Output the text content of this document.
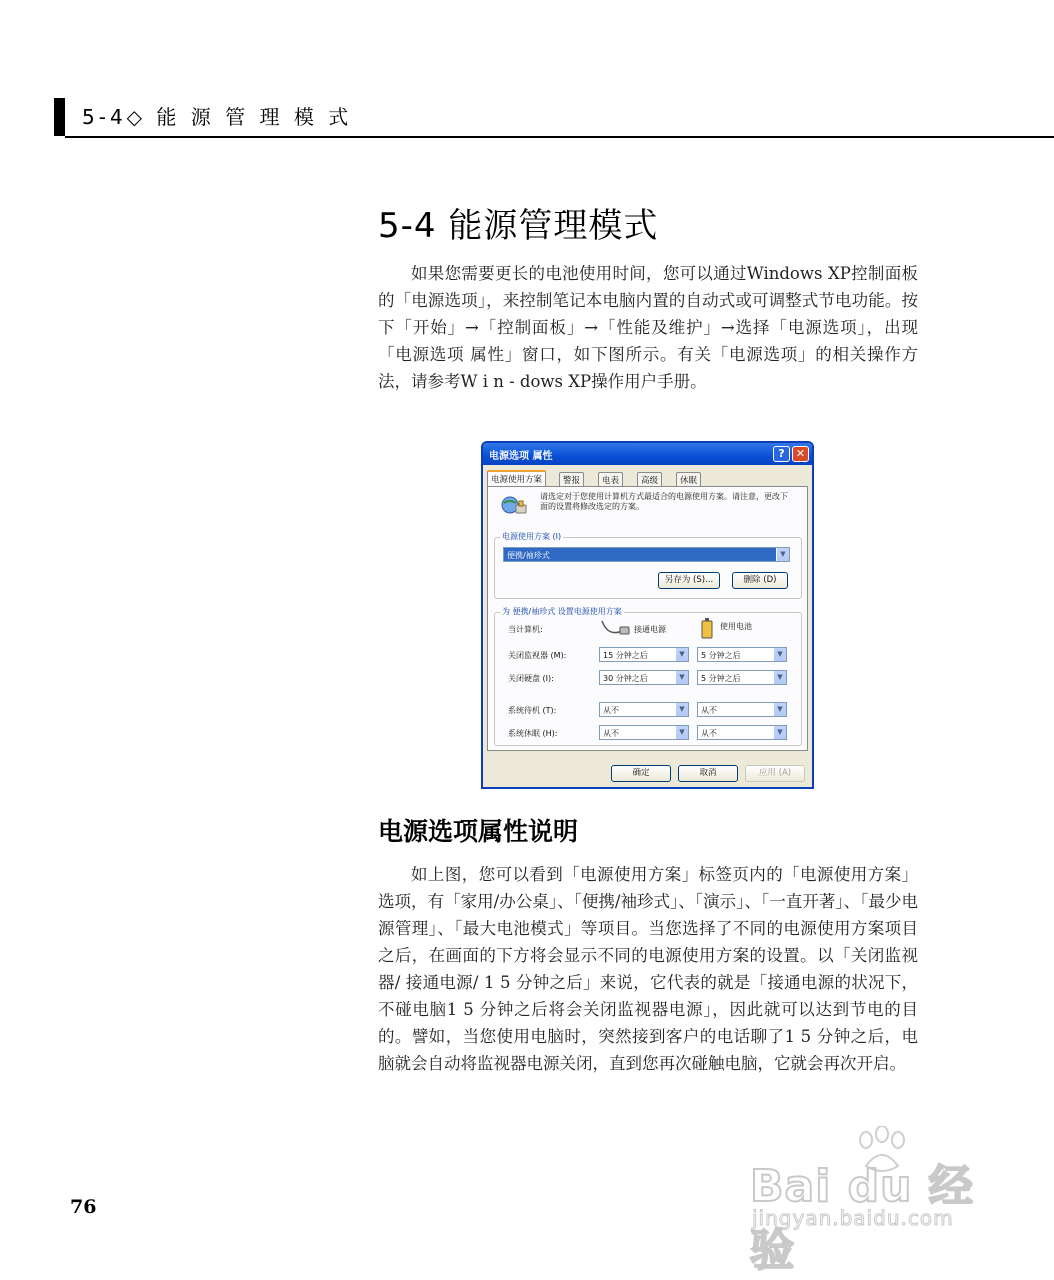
5-4◇ 能 源 管 理 模 式
5-4 能源管理模式

如果您需要更长的电池使用时间，您可以通过Windows XP控制面板的「电源选项」，来控制笔记本电脑内置的自动式或可调整式节电功能。按下「开始」→「控制面板」→「性能及维护」→选择「电源选项」，出现「电源选项 属性」窗口，如下图所示。有关「电源选项」的相关操作方法，请参考W i n - dows XP操作用户手册。

电源选项 属性	?	✕
电源使用方案	警报	电表	高级	休眠
请选定对于您使用计算机方式最适合的电源使用方案。请注意，更改下面的设置将修改选定的方案。
电源使用方案 (I)
便携/袖珍式	▼
另存为 (S)...	删除 (D)
为 便携/袖珍式 设置电源使用方案
当计算机:	接通电源	使用电池
关闭监视器 (M):	15 分钟之后	▼	5 分钟之后	▼
关闭硬盘 (I):	30 分钟之后	▼	5 分钟之后	▼
系统待机 (T):	从不	▼	从不	▼
系统休眠 (H):	从不	▼	从不	▼
确定	取消	应用 (A)
电源选项属性说明

如上图，您可以看到「电源使用方案」标签页内的「电源使用方案」选项，有「家用/办公桌」、「便携/袖珍式」、「演示」、「一直开著」、「最少电源管理」、「最大电池模式」等项目。当您选择了不同的电源使用方案项目之后，在画面的下方将会显示不同的电源使用方案的设置。以「关闭监视器/ 接通电源/ 1 5 分钟之后」来说，它代表的就是「接通电源的状况下，不碰电脑1 5 分钟之后将会关闭监视器电源」，因此就可以达到节电的目的。譬如，当您使用电脑时，突然接到客户的电话聊了1 5 分钟之后，电脑就会自动将监视器电源关闭，直到您再次碰触电脑，它就会再次开启。

76	Bai du 经验
jingyan.baidu.com
